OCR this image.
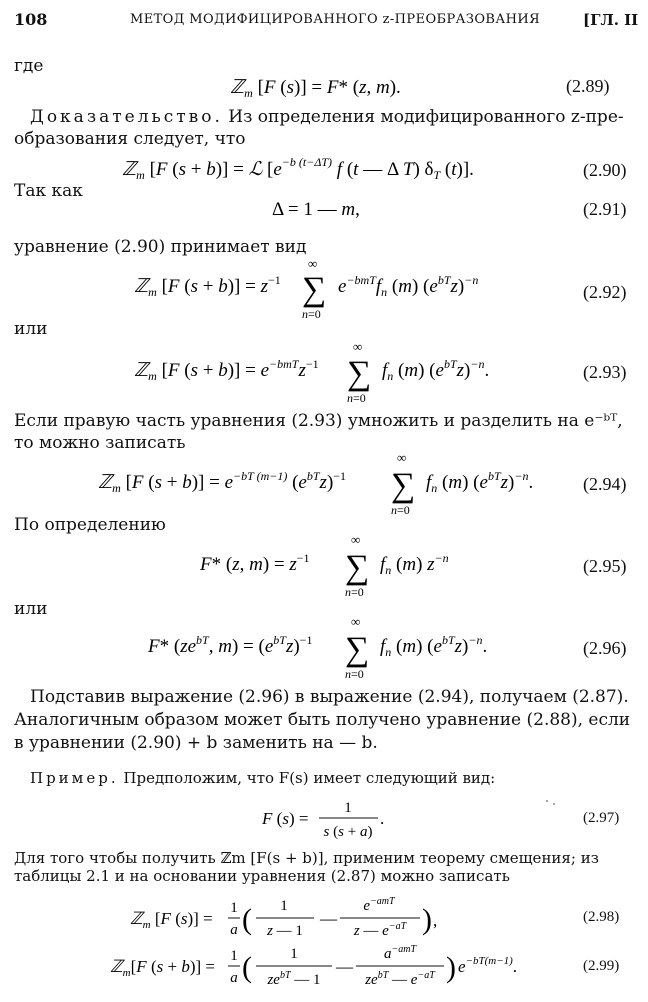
108	МЕТОД МОДИФИЦИРОВАННОГО z-ПРЕОБРАЗОВАНИЯ	[ГЛ. II
где
ℤ$_m$ [F (s)] = F* (z, m).	(2.89)
Доказательство. Из определения модифицированного z-пре-
образования следует, что
ℤ$_m$ [F (s + b)] = ℒ [$e^{-b (t-\Delta T)}$ f (t — Δ T) $\delta_T$ (t)].	(2.90)
Так как
Δ = 1 — m,	(2.91)
уравнение (2.90) принимает вид
ℤ$_m$ [F $(s + b)] = z^{-1}$
∞
∑
n=0
$e^{-bmT}f_n$ (m) $(e^{bT}z)^{-n}$
(2.92)
или
ℤ$_m$ [F $(s + b)] = e^{-bmT}z^{-1}$
∞
∑
n=0
$f_n$ (m) $(e^{bT}z)^{-n}$.	(2.93)
Если правую часть уравнения (2.93) умножить и разделить на e⁻ᵇᵀ,
то можно записать
ℤ$_m$ [F $(s + b)] = e^{-bT (m-1)}$ $(e^{bT}z)^{-1}$
∞
∑
n=0
$f_n$ (m) $(e^{bT}z)^{-n}$.	(2.94)
По определению
F* (z, $m) = z^{-1}$
∞
∑
n=0
$f_n$ (m) $z^{-n}$	(2.95)
или
F* ($ze^{bT}$, $m) = (e^{bT}z)^{-1}$
∞
∑
n=0
$f_n$ (m) $(e^{bT}z)^{-n}$.	(2.96)
Подставив выражение (2.96) в выражение (2.94), получаем (2.87).
Аналогичным образом может быть получено уравнение (2.88), если
в уравнении (2.90) + b заменить на — b.
Пример. Предположим, что F(s) имеет следующий вид:
F (s) =
1
s (s + a)
.	(2.97)
Для того чтобы получить ℤm [F(s + b)], применим теорему смещения; из
таблицы 2.1 и на основании уравнения (2.87) можно записать
ℤ$_m$ [F (s)] =
1
a ( 1
z — 1
—
$e^{-amT}$
z — $e^{-aT}$ ) ,	(2.98)
ℤ$_m$[F (s + b)] =
1
a (	1
$ze^{bT}$ — 1
—
$a^{-amT}$
$ze^{bT}$ — $e^{-aT}$ ) $e^{-bT(m-1)}$.	(2.99)
